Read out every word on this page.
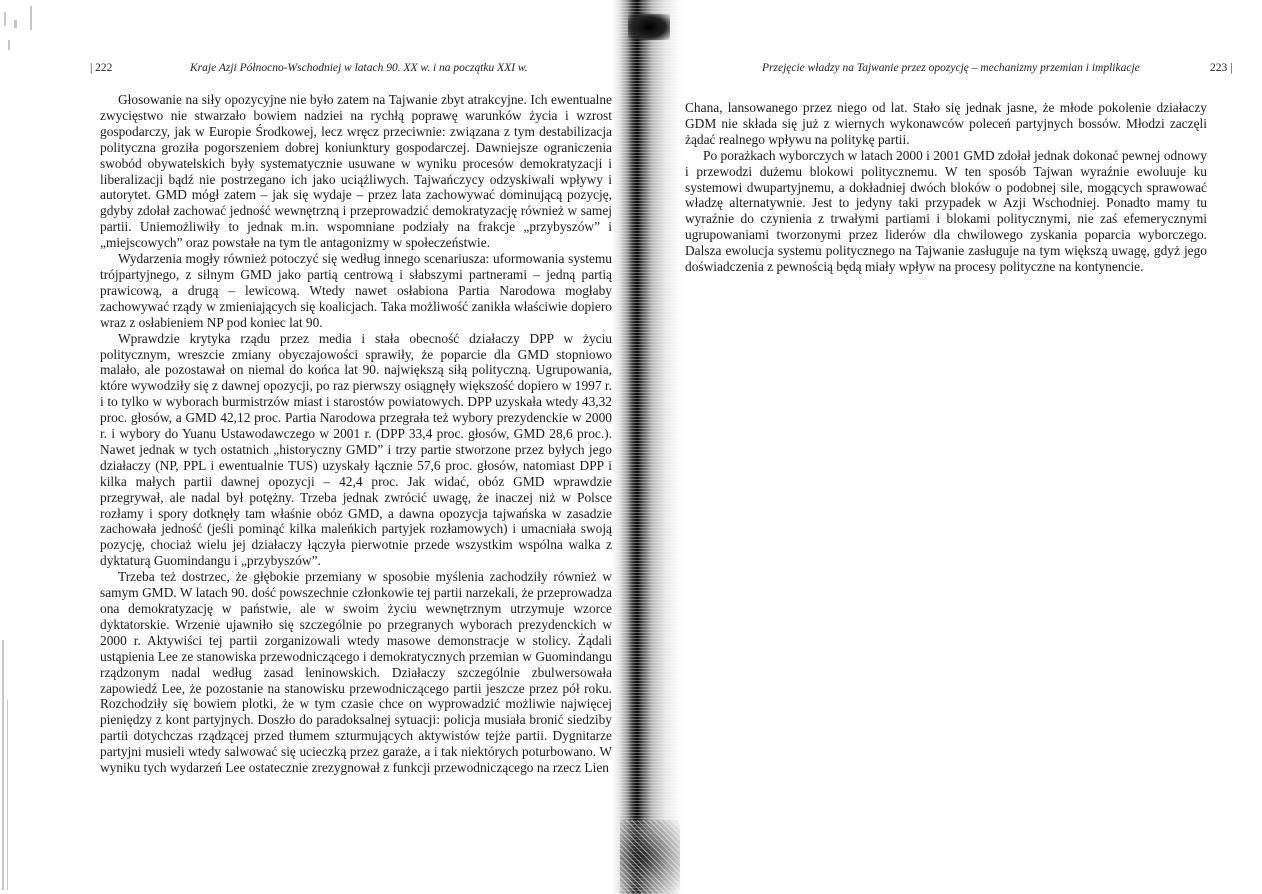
| 222	Kraje Azji Północno-Wschodniej w latach 90. XX w. i na początku XXI w.

Głosowanie na siły opozycyjne nie było zatem na Tajwanie zbyt atrakcyjne. Ich ewentualne zwycięstwo nie stwarzało bowiem nadziei na rychłą poprawę warunków życia i wzrost gospodarczy, jak w Europie Środkowej, lecz wręcz przeciwnie: związana z tym destabilizacja polityczna groziła pogorszeniem dobrej koniunktury gospodarczej. Dawniejsze ograniczenia swobód obywatelskich były systematycznie usuwane w wyniku procesów demokratyzacji i liberalizacji bądź nie postrzegano ich jako uciążliwych. Tajwańczycy odzyskiwali wpływy i autorytet. GMD mógł zatem – jak się wydaje – przez lata zachowywać dominującą pozycję, gdyby zdołał zachować jedność wewnętrzną i przeprowadzić demokratyzację również w samej partii. Uniemożliwiły to jednak m.in. wspomniane podziały na frakcje „przybyszów” i „miejscowych” oraz powstałe na tym tle antagonizmy w społeczeństwie.

Wydarzenia mogły również potoczyć się według innego scenariusza: uformowania systemu trójpartyjnego, z silnym GMD jako partią centrową i słabszymi partnerami – jedną partią prawicową, a drugą – lewicową. Wtedy nawet osłabiona Partia Narodowa mogłaby zachowywać rządy w zmieniających się koalicjach. Taka możliwość zanikła właściwie dopiero wraz z osłabieniem NP pod koniec lat 90.

Wprawdzie krytyka rządu przez media i stała obecność działaczy DPP w życiu politycznym, wreszcie zmiany obyczajowości sprawiły, że poparcie dla GMD stopniowo malało, ale pozostawał on niemal do końca lat 90. największą siłą polityczną. Ugrupowania, które wywodziły się z dawnej opozycji, po raz pierwszy osiągnęły większość dopiero w 1997 r. i to tylko w wyborach burmistrzów miast i starostów powiatowych. DPP uzyskała wtedy 43,32 proc. głosów, a GMD 42,12 proc. Partia Narodowa przegrała też wybory prezydenckie w 2000 r. i wybory do Yuanu Ustawodawczego w 2001 r. (DPP 33,4 proc. głosów, GMD 28,6 proc.). Nawet jednak w tych ostatnich „historyczny GMD” i trzy partie stworzone przez byłych jego działaczy (NP, PPL i ewentualnie TUS) uzyskały łącznie 57,6 proc. głosów, natomiast DPP i kilka małych partii dawnej opozycji – 42,4 proc. Jak widać, obóz GMD wprawdzie przegrywał, ale nadal był potężny. Trzeba jednak zwrócić uwagę, że inaczej niż w Polsce rozłamy i spory dotknęły tam właśnie obóz GMD, a dawna opozycja tajwańska w zasadzie zachowała jedność (jeśli pominąć kilka maleńkich partyjek rozłamowych) i umacniała swoją pozycję, chociaż wielu jej działaczy łączyła pierwotnie przede wszystkim wspólna walka z dyktaturą Guomindangu i „przybyszów”.

Trzeba też dostrzec, że głębokie przemiany w sposobie myślenia zachodziły również w samym GMD. W latach 90. dość powszechnie członkowie tej partii narzekali, że przeprowadza ona demokratyzację w państwie, ale w swoim życiu wewnętrznym utrzymuje wzorce dyktatorskie. Wrzenie ujawniło się szczególnie po przegranych wyborach prezydenckich w 2000 r. Aktywiści tej partii zorganizowali wtedy masowe demonstracje w stolicy. Żądali ustąpienia Lee ze stanowiska przewodniczącego i demokratycznych przemian w Guomindangu rządzonym nadal według zasad leninowskich. Działaczy szczególnie zbulwersowała zapowiedź Lee, że pozostanie na stanowisku przewodniczącego partii jeszcze przez pół roku. Rozchodziły się bowiem plotki, że w tym czasie chce on wyprowadzić możliwie najwięcej pieniędzy z kont partyjnych. Doszło do paradoksalnej sytuacji: policja musiała bronić siedziby partii dotychczas rządzącej przed tłumem szturmujących aktywistów tejże partii. Dygnitarze partyjni musieli wtedy salwować się ucieczką przez garaże, a i tak niektórych poturbowano. W wyniku tych wydarzeń Lee ostatecznie zrezygnował z funkcji przewodniczącego na rzecz Lien

Przejęcie władzy na Tajwanie przez opozycję – mechanizmy przemian i implikacje	223 |

Chana, lansowanego przez niego od lat. Stało się jednak jasne, że młode pokolenie działaczy GDM nie składa się już z wiernych wykonawców poleceń partyjnych bossów. Młodzi zaczęli żądać realnego wpływu na politykę partii.

Po porażkach wyborczych w latach 2000 i 2001 GMD zdołał jednak dokonać pewnej odnowy i przewodzi dużemu blokowi politycznemu. W ten sposób Tajwan wyraźnie ewoluuje ku systemowi dwupartyjnemu, a dokładniej dwóch bloków o podobnej sile, mogących sprawować władzę alternatywnie. Jest to jedyny taki przypadek w Azji Wschodniej. Ponadto mamy tu wyraźnie do czynienia z trwałymi partiami i blokami politycznymi, nie zaś efemerycznymi ugrupowaniami tworzonymi przez liderów dla chwilowego zyskania poparcia wyborczego. Dalsza ewolucja systemu politycznego na Tajwanie zasługuje na tym większą uwagę, gdyż jego doświadczenia z pewnością będą miały wpływ na procesy polityczne na kontynencie.
